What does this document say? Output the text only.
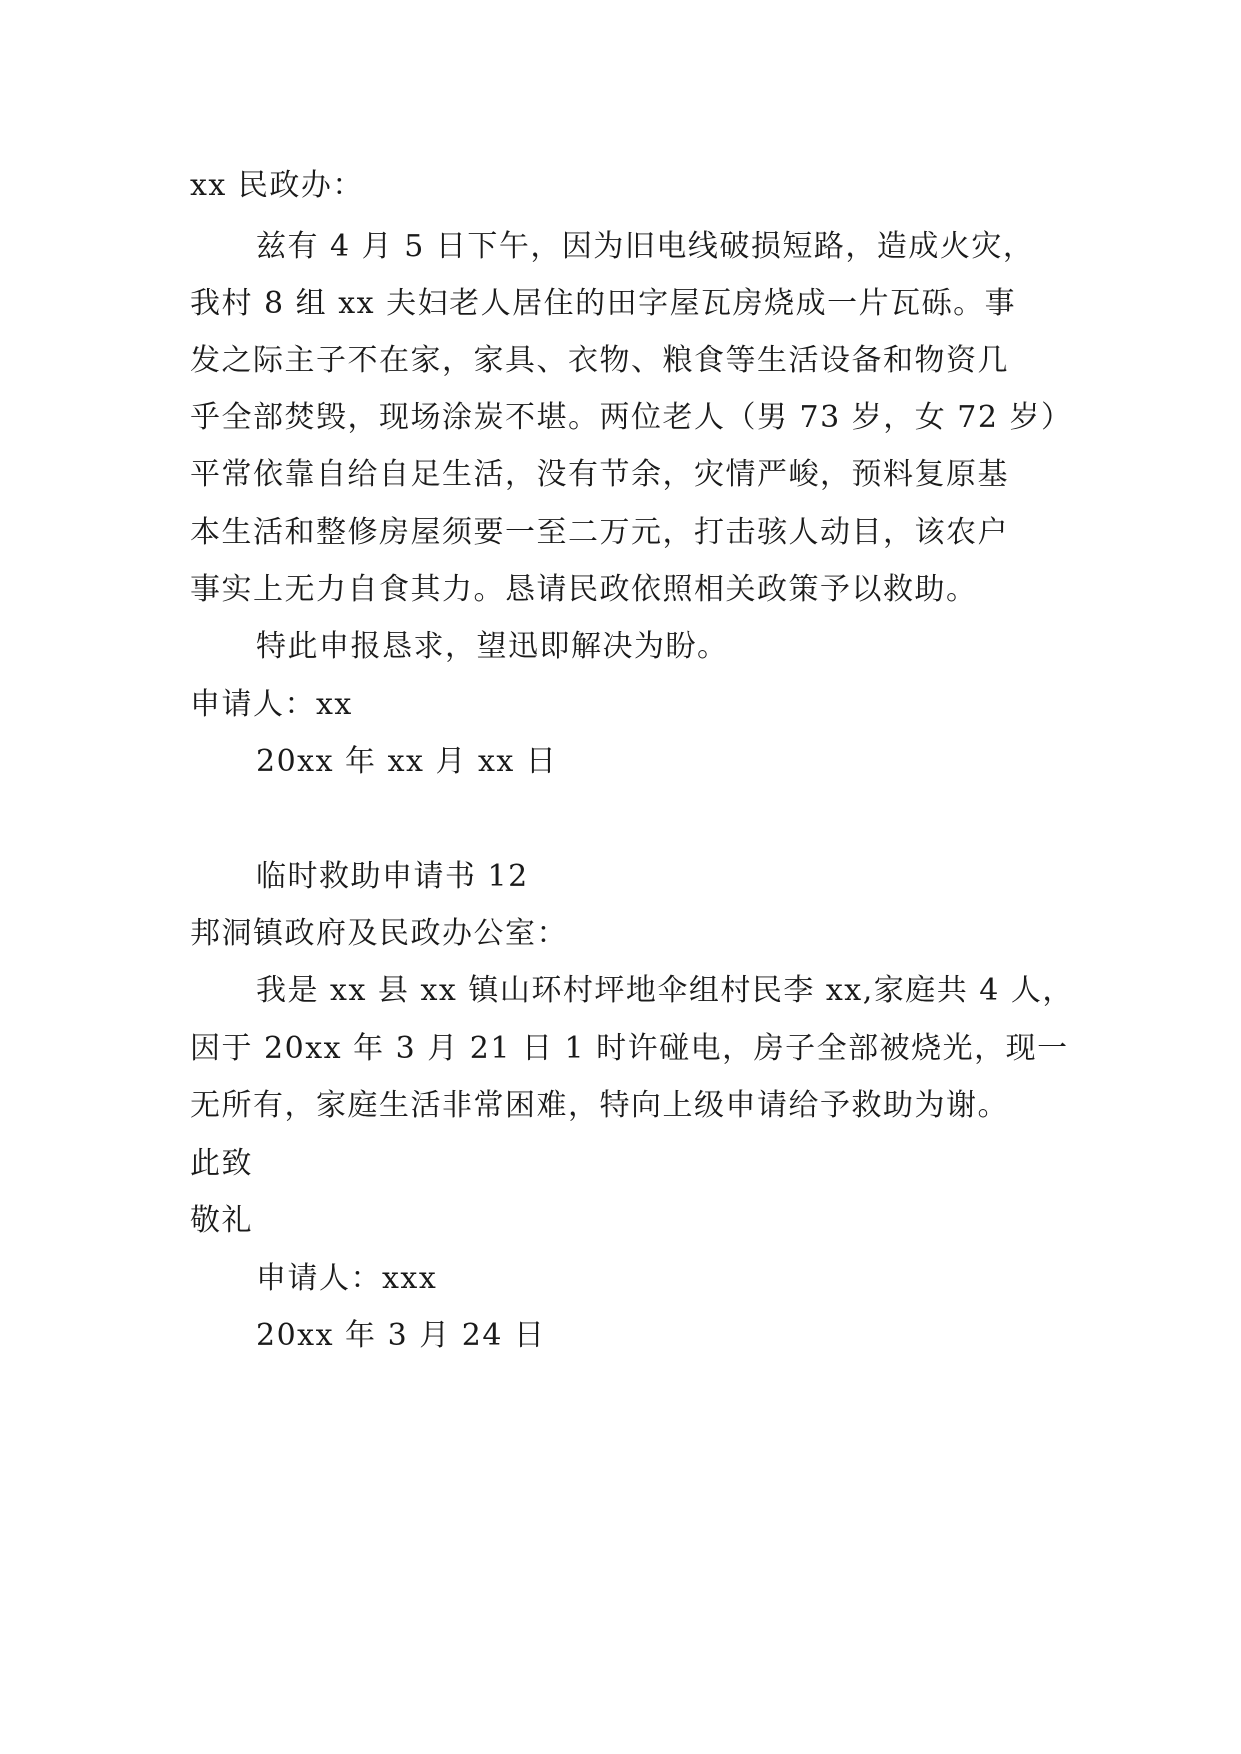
xx 民政办：
兹有 4 月 5 日下午，因为旧电线破损短路，造成火灾，
我村 8 组 xx 夫妇老人居住的田字屋瓦房烧成一片瓦砾。事
发之际主子不在家，家具、衣物、粮食等生活设备和物资几
乎全部焚毁，现场涂炭不堪。两位老人（男 73 岁，女 72 岁）
平常依靠自给自足生活，没有节余，灾情严峻，预料复原基
本生活和整修房屋须要一至二万元，打击骇人动目，该农户
事实上无力自食其力。恳请民政依照相关政策予以救助。
特此申报恳求，望迅即解决为盼。
申请人：xx
20xx 年 xx 月 xx 日
临时救助申请书 12
邦洞镇政府及民政办公室：
我是 xx 县 xx 镇山环村坪地伞组村民李 xx,家庭共 4 人，
因于 20xx 年 3 月 21 日 1 时许碰电，房子全部被烧光，现一
无所有，家庭生活非常困难，特向上级申请给予救助为谢。
此致
敬礼
申请人：xxx
20xx 年 3 月 24 日
